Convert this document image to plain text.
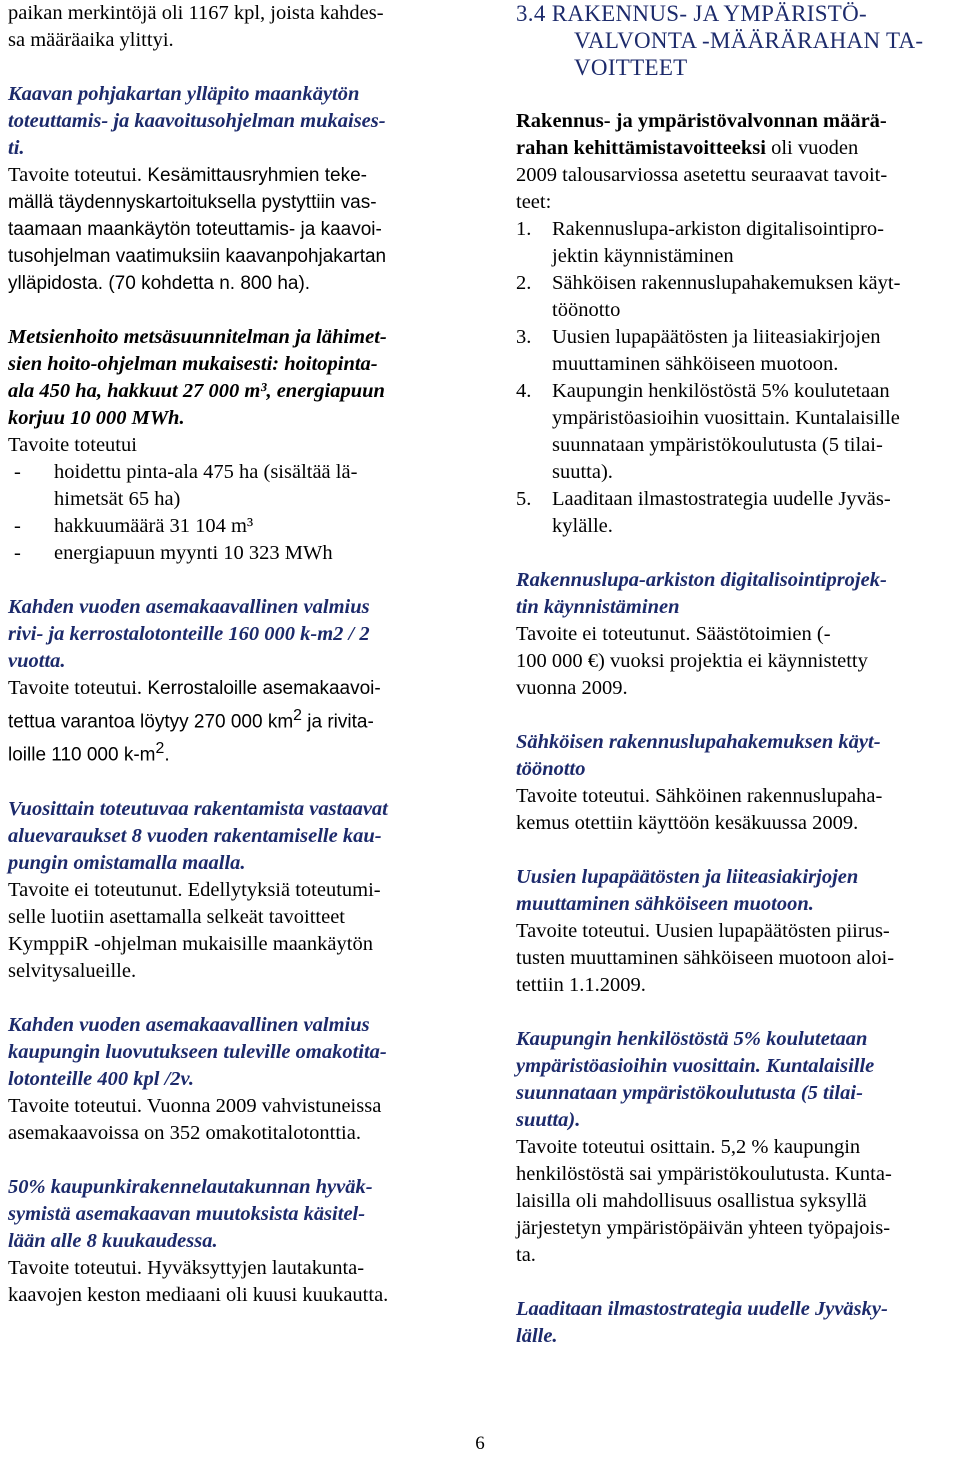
paikan merkintöjä oli 1167 kpl, joista kahdes-
sa määräaika ylittyi.

Kaavan pohjakartan ylläpito maankäytön
toteuttamis- ja kaavoitusohjelman mukaises-
ti.

Tavoite toteutui. Kesämittausryhmien teke-
mällä täydennyskartoituksella pystyttiin vas-
taamaan maankäytön toteuttamis- ja kaavoi-
tusohjelman vaatimuksiin kaavanpohjakartan
ylläpidosta. (70 kohdetta n. 800 ha).

Metsienhoito metsäsuunnitelman ja lähimet-
sien hoito-ohjelman mukaisesti: hoitopinta-
ala 450 ha, hakkuut 27 000 m³, energiapuun
korjuu 10 000 MWh.

Tavoite toteutui

- hoidettu pinta-ala 475 ha (sisältää lä-
himetsät 65 ha)
- hakkuumäärä 31 104 m³
- energiapuun myynti 10 323 MWh

Kahden vuoden asemakaavallinen valmius
rivi- ja kerrostalotonteille 160 000 k-m2 / 2
vuotta.

Tavoite toteutui. Kerrostaloille asemakaavoi-
tettua varantoa löytyy 270 000 $km^2$ ja rivita-
loille 110 000 $k-m^2$.

Vuosittain toteutuvaa rakentamista vastaavat
aluevaraukset 8 vuoden rakentamiselle kau-
pungin omistamalla maalla.

Tavoite ei toteutunut. Edellytyksiä toteutumi-
selle luotiin asettamalla selkeät tavoitteet
KymppiR -ohjelman mukaisille maankäytön
selvitysalueille.

Kahden vuoden asemakaavallinen valmius
kaupungin luovutukseen tuleville omakotita-
lotonteille 400 kpl /2v.

Tavoite toteutui. Vuonna 2009 vahvistuneissa
asemakaavoissa on 352 omakotitalotonttia.

50% kaupunkirakennelautakunnan hyväk-
symistä asemakaavan muutoksista käsitel-
lään alle 8 kuukaudessa.

Tavoite toteutui. Hyväksyttyjen lautakunta-
kaavojen keston mediaani oli kuusi kuukautta.

3.4 RAKENNUS- JA YMPÄRISTÖ-
VALVONTA -MÄÄRÄRAHAN TA-
VOITTEET

Rakennus- ja ympäristövalvonnan määrä-
rahan kehittämistavoitteeksi oli vuoden
2009 talousarviossa asetettu seuraavat tavoit-
teet:

1. Rakennuslupa-arkiston digitalisointipro-
jektin käynnistäminen
2. Sähköisen rakennuslupahakemuksen käyt-
töönotto
3. Uusien lupapäätösten ja liiteasiakirjojen
muuttaminen sähköiseen muotoon.
4. Kaupungin henkilöstöstä 5% koulutetaan
ympäristöasioihin vuosittain. Kuntalaisille
suunnataan ympäristökoulutusta (5 tilai-
suutta).
5. Laaditaan ilmastostrategia uudelle Jyväs-
kylälle.

Rakennuslupa-arkiston digitalisointiprojek-
tin käynnistäminen

Tavoite ei toteutunut. Säästötoimien (-
100 000 €) vuoksi projektia ei käynnistetty
vuonna 2009.

Sähköisen rakennuslupahakemuksen käyt-
töönotto

Tavoite toteutui. Sähköinen rakennuslupaha-
kemus otettiin käyttöön kesäkuussa 2009.

Uusien lupapäätösten ja liiteasiakirjojen
muuttaminen sähköiseen muotoon.

Tavoite toteutui. Uusien lupapäätösten piirus-
tusten muuttaminen sähköiseen muotoon aloi-
tettiin 1.1.2009.

Kaupungin henkilöstöstä 5% koulutetaan
ympäristöasioihin vuosittain. Kuntalaisille
suunnataan ympäristökoulutusta (5 tilai-
suutta).

Tavoite toteutui osittain. 5,2 % kaupungin
henkilöstöstä sai ympäristökoulutusta. Kunta-
laisilla oli mahdollisuus osallistua syksyllä
järjestetyn ympäristöpäivän yhteen työpajois-
ta.

Laaditaan ilmastostrategia uudelle Jyväsky-
lälle.

6
